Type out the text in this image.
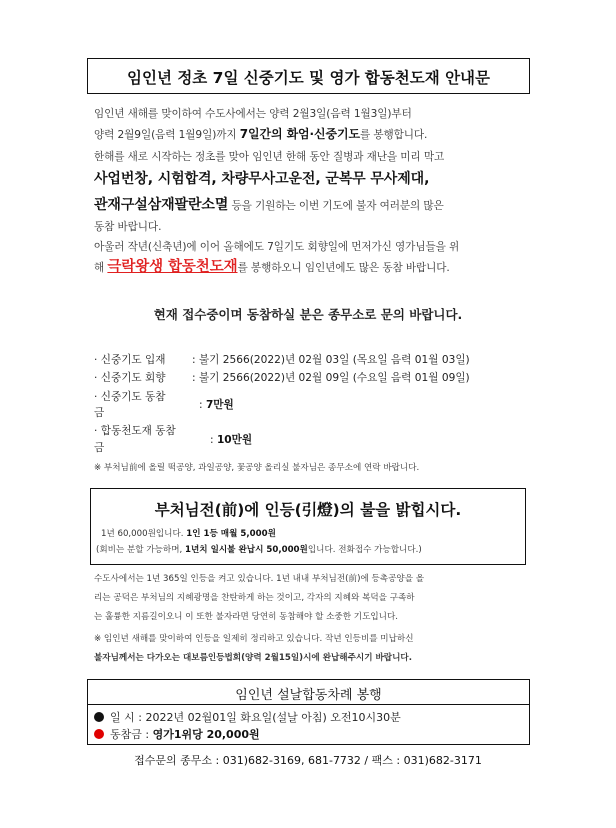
임인년 정초 7일 신중기도 및 영가 합동천도재 안내문
임인년 새해를 맞이하여 수도사에서는 양력 2월3일(음력 1월3일)부터
양력 2월9일(음력 1월9일)까지 7일간의 화엄·신중기도를 봉행합니다.
한해를 새로 시작하는 정초를 맞아 임인년 한해 동안 질병과 재난을 미리 막고
사업번창, 시험합격, 차량무사고운전, 군복무 무사제대,
관재구설삼재팔란소멸 등을 기원하는 이번 기도에 불자 여러분의 많은
동참 바랍니다.
아울러 작년(신축년)에 이어 올해에도 7일기도 회향일에 먼저가신 영가님들을 위
해 극락왕생 합동천도재를 봉행하오니 임인년에도 많은 동참 바랍니다.
현재 접수중이며 동참하실 분은 종무소로 문의 바랍니다.
· 신중기도 입재 : 불기 2566(2022)년 02월 03일 (목요일 음력 01월 03일)
· 신중기도 회향 : 불기 2566(2022)년 02월 09일 (수요일 음력 01월 09일)
· 신중기도 동참
금
: 7만원
· 합동천도재 동참
금
: 10만원
※ 부처님前에 올릴 떡공양, 과일공양, 꽃공양 올리실 불자님은 종무소에 연락 바랍니다.
부처님전(前)에 인등(引燈)의 불을 밝힙시다.
1년 60,000원입니다. 1인 1등 매월 5,000원
(회비는 분할 가능하며, 1년치 일시불 완납시 50,000원입니다. 전화접수 가능합니다.)
수도사에서는 1년 365일 인등을 켜고 있습니다. 1년 내내 부처님전(前)에 등촉공양을 올
리는 공덕은 부처님의 지혜광명을 찬탄하게 하는 것이고, 각자의 지혜와 복덕을 구족하
는 훌륭한 지름길이오니 이 또한 불자라면 당연히 동참해야 할 소중한 기도입니다.
※ 임인년 새해를 맞이하여 인등을 일제히 정리하고 있습니다. 작년 인등비를 미납하신
불자님께서는 다가오는 대보름인등법회(양력 2월15일)시에 완납해주시기 바랍니다.
임인년 설날합동차례 봉행
일 시 : 2022년 02월01일 화요일(설날 아침) 오전10시30분
동참금 : 영가1위당 20,000원
접수문의 종무소 : 031)682-3169, 681-7732 / 팩스 : 031)682-3171
